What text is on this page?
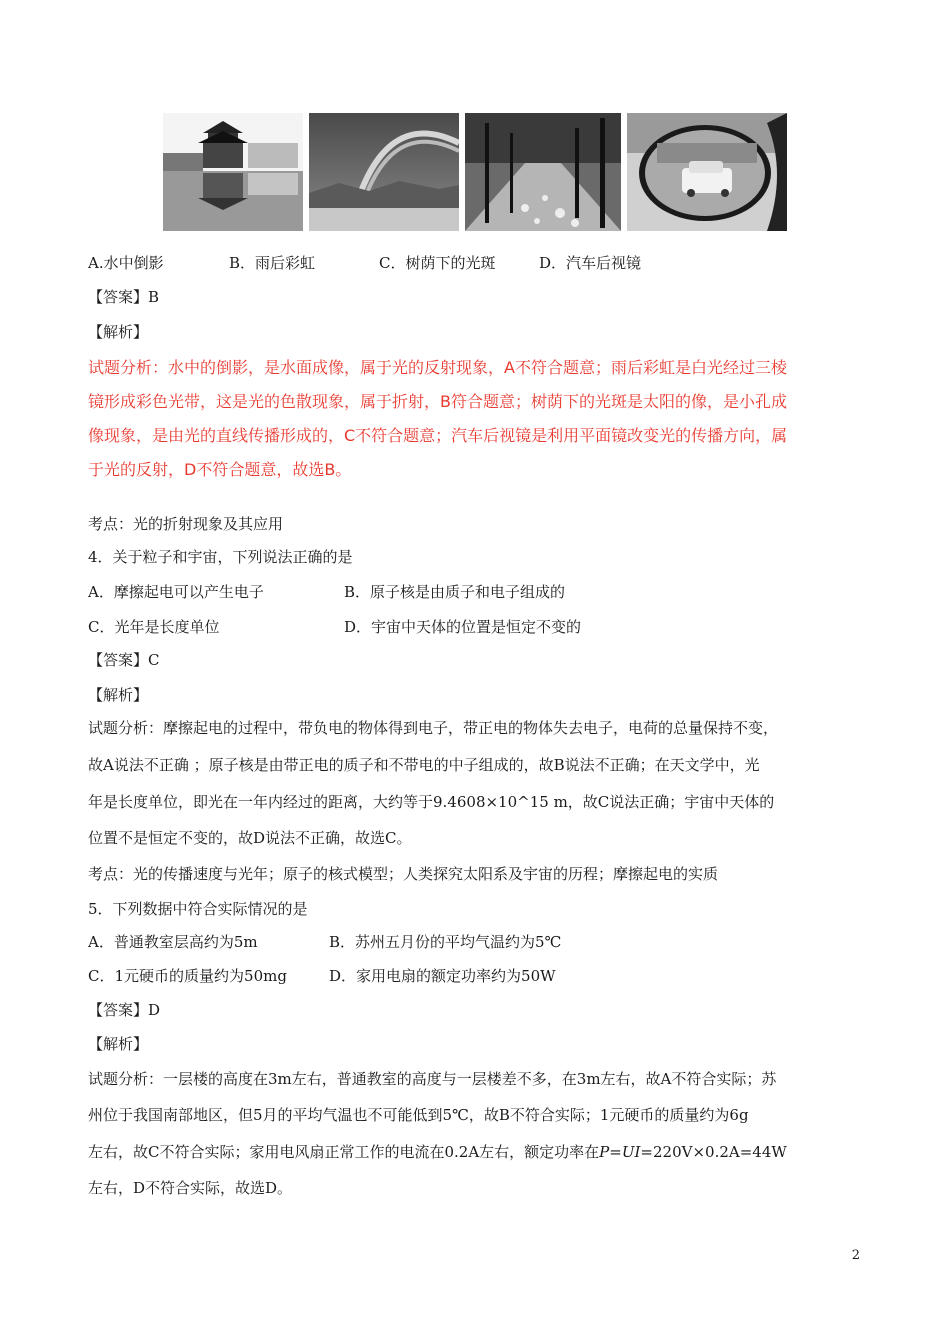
A.水中倒影	B．雨后彩虹	C．树荫下的光斑	D．汽车后视镜
【答案】B
【解析】
试题分析：水中的倒影，是水面成像，属于光的反射现象，A不符合题意；雨后彩虹是白光经过三棱
镜形成彩色光带，这是光的色散现象，属于折射，B符合题意；树荫下的光斑是太阳的像，是小孔成
像现象，是由光的直线传播形成的，C不符合题意；汽车后视镜是利用平面镜改变光的传播方向，属
于光的反射，D不符合题意，故选B。
考点：光的折射现象及其应用
4．关于粒子和宇宙，下列说法正确的是
A．摩擦起电可以产生电子	B．原子核是由质子和电子组成的
C．光年是长度单位	D．宇宙中天体的位置是恒定不变的
【答案】C
【解析】
试题分析：摩擦起电的过程中，带负电的物体得到电子，带正电的物体失去电子，电荷的总量保持不变，
故A说法不正确 ；原子核是由带正电的质子和不带电的中子组成的，故B说法不正确；在天文学中，光
年是长度单位，即光在一年内经过的距离，大约等于9.4608×10^15 m，故C说法正确；宇宙中天体的
位置不是恒定不变的，故D说法不正确，故选C。
考点：光的传播速度与光年；原子的核式模型；人类探究太阳系及宇宙的历程；摩擦起电的实质
5．下列数据中符合实际情况的是
A．普通教室层高约为5m	B．苏州五月份的平均气温约为5℃
C．1元硬币的质量约为50mg	D．家用电扇的额定功率约为50W
【答案】D
【解析】
试题分析：一层楼的高度在3m左右，普通教室的高度与一层楼差不多，在3m左右，故A不符合实际；苏
州位于我国南部地区，但5月的平均气温也不可能低到5℃，故B不符合实际；1元硬币的质量约为6g
左右，故C不符合实际；家用电风扇正常工作的电流在0.2A左右，额定功率在P=UI=220V×0.2A=44W
左右，D不符合实际，故选D。
2
